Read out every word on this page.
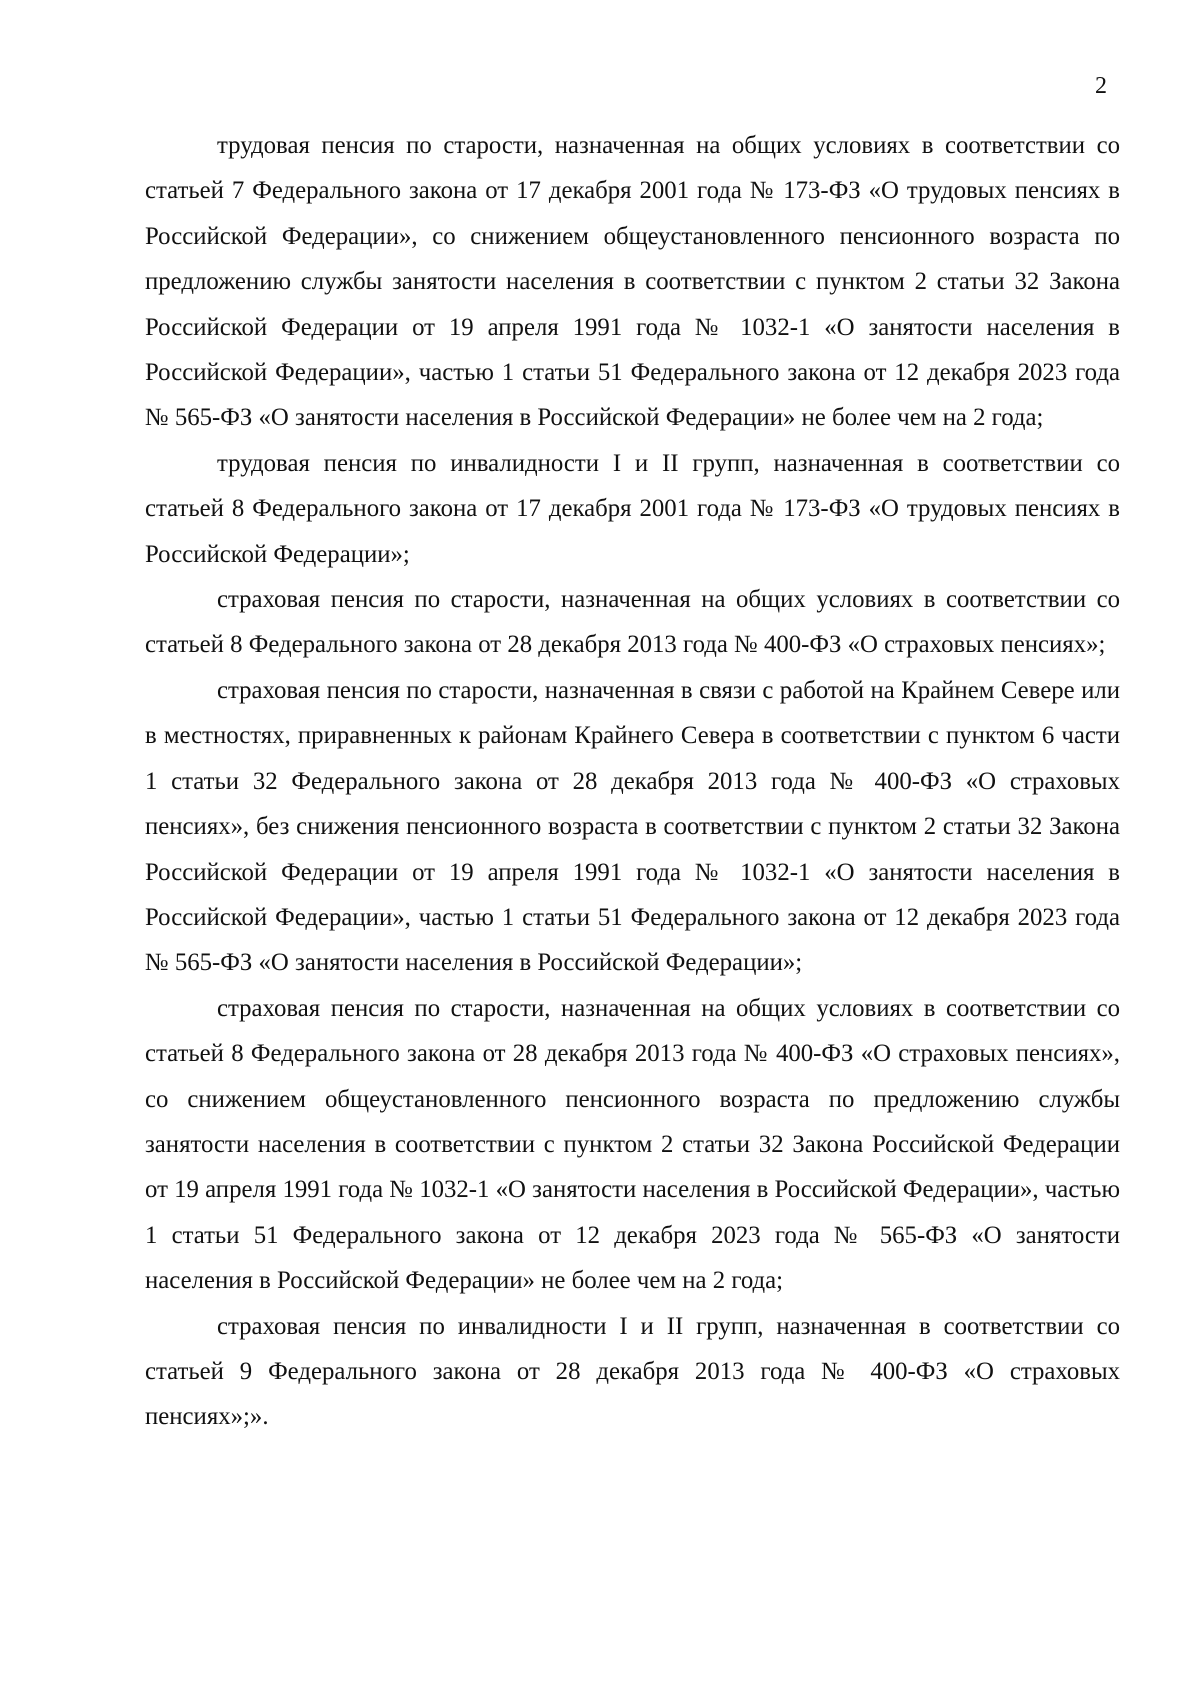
2

трудовая пенсия по старости, назначенная на общих условиях в соответствии со статьей 7 Федерального закона от 17 декабря 2001 года № 173-ФЗ «О трудовых пенсиях в Российской Федерации», со снижением общеустановленного пенсионного возраста по предложению службы занятости населения в соответствии с пунктом 2 статьи 32 Закона Российской Федерации от 19 апреля 1991 года № 1032-1 «О занятости населения в Российской Федерации», частью 1 статьи 51 Федерального закона от 12 декабря 2023 года № 565-ФЗ «О занятости населения в Российской Федерации» не более чем на 2 года;

трудовая пенсия по инвалидности I и II групп, назначенная в соответствии со статьей 8 Федерального закона от 17 декабря 2001 года № 173-ФЗ «О трудовых пенсиях в Российской Федерации»;

страховая пенсия по старости, назначенная на общих условиях в соответствии со статьей 8 Федерального закона от 28 декабря 2013 года № 400-ФЗ «О страховых пенсиях»;

страховая пенсия по старости, назначенная в связи с работой на Крайнем Севере или в местностях, приравненных к районам Крайнего Севера в соответствии с пунктом 6 части 1 статьи 32 Федерального закона от 28 декабря 2013 года № 400-ФЗ «О страховых пенсиях», без снижения пенсионного возраста в соответствии с пунктом 2 статьи 32 Закона Российской Федерации от 19 апреля 1991 года № 1032-1 «О занятости населения в Российской Федерации», частью 1 статьи 51 Федерального закона от 12 декабря 2023 года № 565-ФЗ «О занятости населения в Российской Федерации»;

страховая пенсия по старости, назначенная на общих условиях в соответствии со статьей 8 Федерального закона от 28 декабря 2013 года № 400-ФЗ «О страховых пенсиях», со снижением общеустановленного пенсионного возраста по предложению службы занятости населения в соответствии с пунктом 2 статьи 32 Закона Российской Федерации от 19 апреля 1991 года № 1032-1 «О занятости населения в Российской Федерации», частью 1 статьи 51 Федерального закона от 12 декабря 2023 года № 565-ФЗ «О занятости населения в Российской Федерации» не более чем на 2 года;

страховая пенсия по инвалидности I и II групп, назначенная в соответствии со статьей 9 Федерального закона от 28 декабря 2013 года № 400-ФЗ «О страховых пенсиях»;».
